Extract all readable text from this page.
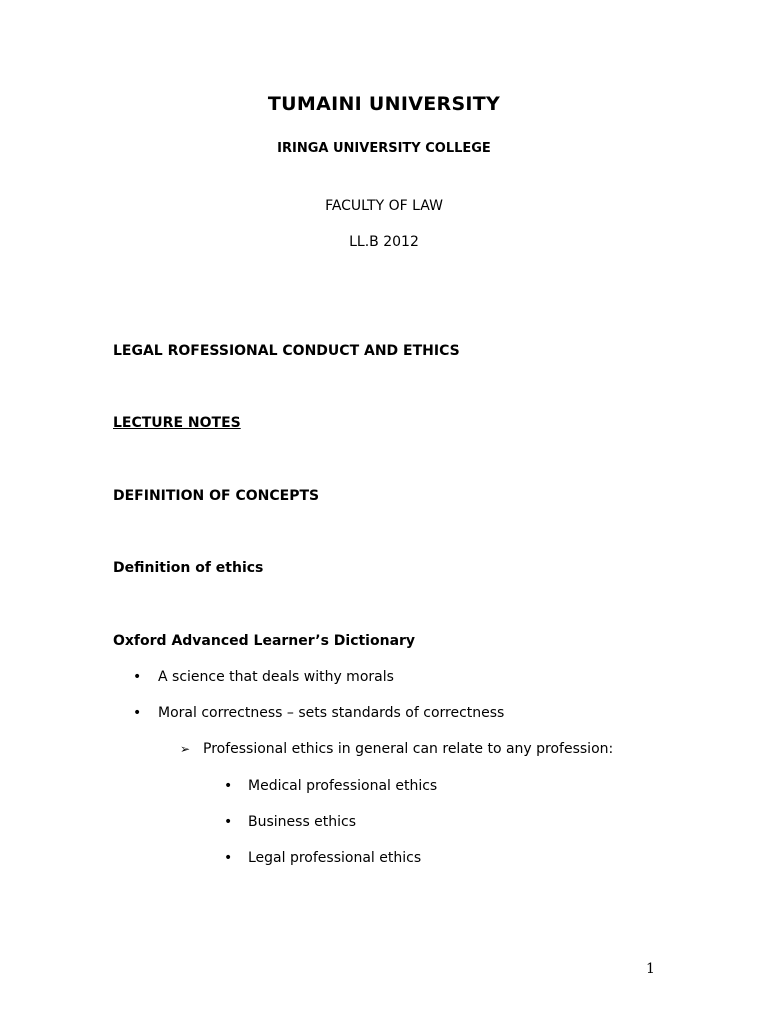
TUMAINI UNIVERSITY
IRINGA UNIVERSITY COLLEGE
FACULTY OF LAW
LL.B 2012
LEGAL ROFESSIONAL CONDUCT AND ETHICS
LECTURE NOTES
DEFINITION OF CONCEPTS
Definition of ethics
Oxford Advanced Learner’s Dictionary
• A science that deals withy morals
• Moral correctness – sets standards of correctness
➢ Professional ethics in general can relate to any profession:
• Medical professional ethics
• Business ethics
• Legal professional ethics
1
